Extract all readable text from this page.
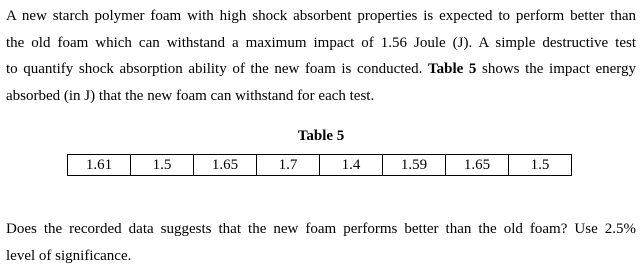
A new starch polymer foam with high shock absorbent properties is expected to perform better than
the old foam which can withstand a maximum impact of 1.56 Joule (J). A simple destructive test
to quantify shock absorption ability of the new foam is conducted. Table 5 shows the impact energy
absorbed (in J) that the new foam can withstand for each test.
Table 5
1.61	1.5	1.65	1.7	1.4	1.59	1.65	1.5
Does the recorded data suggests that the new foam performs better than the old foam? Use 2.5%
level of significance.
